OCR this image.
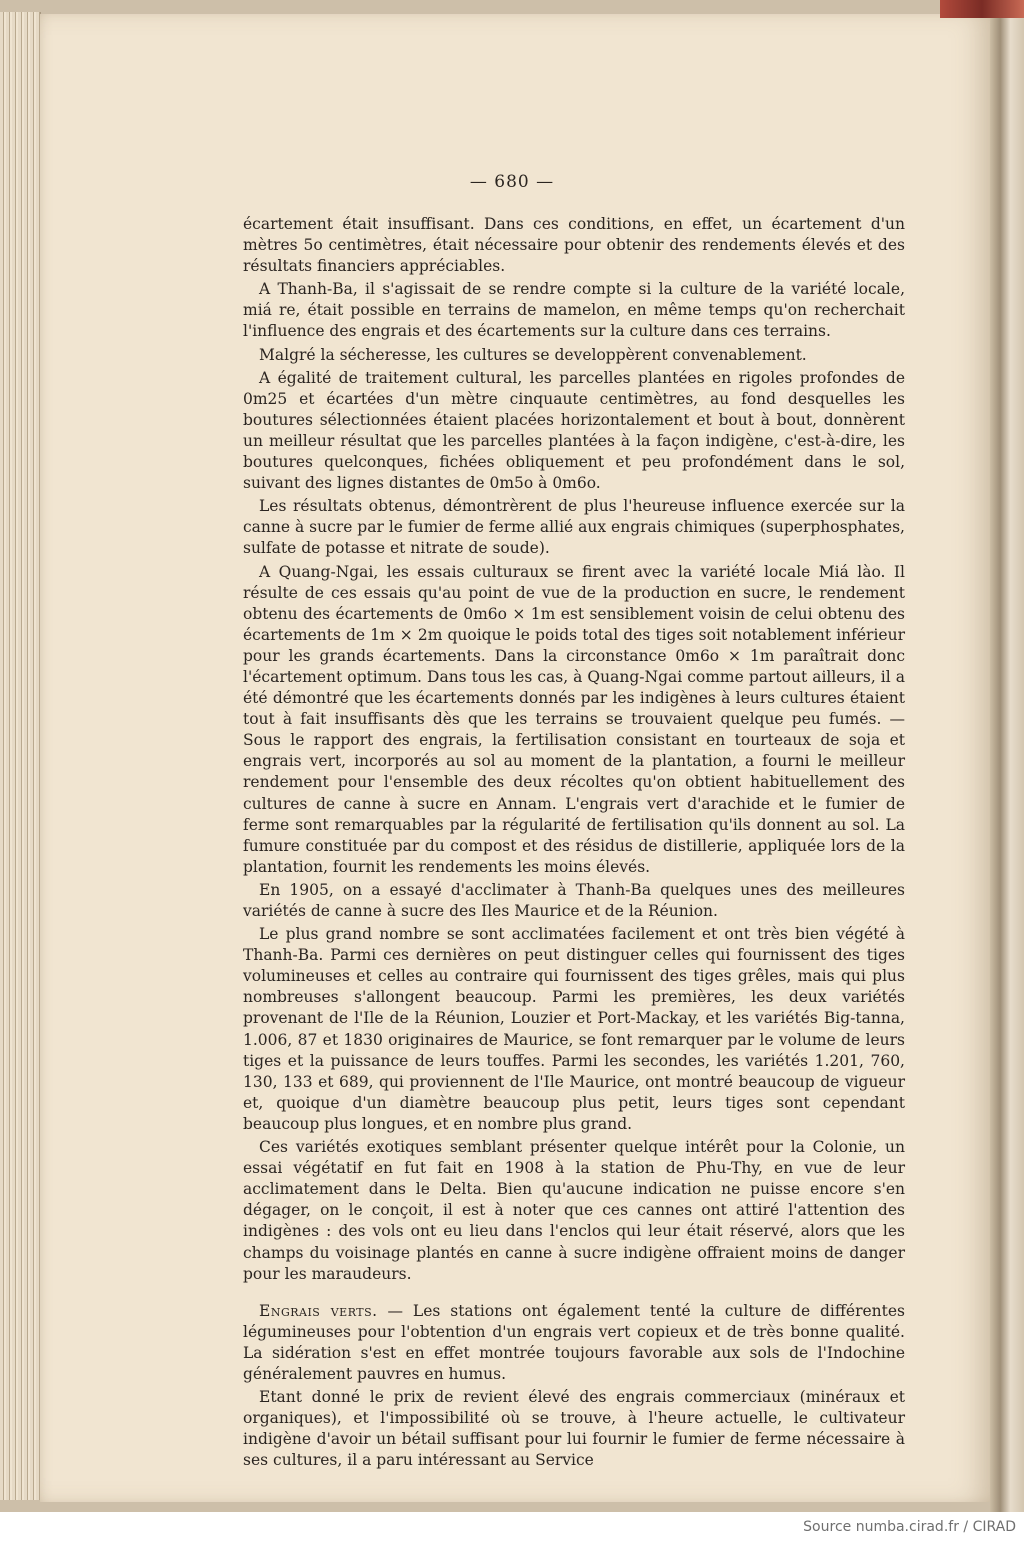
— 680 —

écartement était insuffisant. Dans ces conditions, en effet, un écartement d'un mètres 5o centimètres, était nécessaire pour obtenir des rendements élevés et des résultats financiers appréciables.

A Thanh-Ba, il s'agissait de se rendre compte si la culture de la variété locale, miá re, était possible en terrains de mamelon, en même temps qu'on recherchait l'influence des engrais et des écartements sur la culture dans ces terrains.

Malgré la sécheresse, les cultures se developpèrent convenablement.

A égalité de traitement cultural, les parcelles plantées en rigoles profondes de 0m25 et écartées d'un mètre cinquaute centimètres, au fond desquelles les boutures sélectionnées étaient placées horizontalement et bout à bout, donnèrent un meilleur résultat que les parcelles plantées à la façon indigène, c'est-à-dire, les boutures quelconques, fichées obliquement et peu profondément dans le sol, suivant des lignes distantes de 0m5o à 0m6o.

Les résultats obtenus, démontrèrent de plus l'heureuse influence exercée sur la canne à sucre par le fumier de ferme allié aux engrais chimiques (superphosphates, sulfate de potasse et nitrate de soude).

A Quang-Ngai, les essais culturaux se firent avec la variété locale Miá lào. Il résulte de ces essais qu'au point de vue de la production en sucre, le rendement obtenu des écartements de 0m6o × 1m est sensiblement voisin de celui obtenu des écartements de 1m × 2m quoique le poids total des tiges soit notablement inférieur pour les grands écartements. Dans la circonstance 0m6o × 1m paraîtrait donc l'écartement optimum. Dans tous les cas, à Quang-Ngai comme partout ailleurs, il a été démontré que les écartements donnés par les indigènes à leurs cultures étaient tout à fait insuffisants dès que les terrains se trouvaient quelque peu fumés. — Sous le rapport des engrais, la fertilisation consistant en tourteaux de soja et engrais vert, incorporés au sol au moment de la plantation, a fourni le meilleur rendement pour l'ensemble des deux récoltes qu'on obtient habituellement des cultures de canne à sucre en Annam. L'engrais vert d'arachide et le fumier de ferme sont remarquables par la régularité de fertilisation qu'ils donnent au sol. La fumure constituée par du compost et des résidus de distillerie, appliquée lors de la plantation, fournit les rendements les moins élevés.

En 1905, on a essayé d'acclimater à Thanh-Ba quelques unes des meilleures variétés de canne à sucre des Iles Maurice et de la Réunion.

Le plus grand nombre se sont acclimatées facilement et ont très bien végété à Thanh-Ba. Parmi ces dernières on peut distinguer celles qui fournissent des tiges volumineuses et celles au contraire qui fournissent des tiges grêles, mais qui plus nombreuses s'allongent beaucoup. Parmi les premières, les deux variétés provenant de l'Ile de la Réunion, Louzier et Port-Mackay, et les variétés Big-tanna, 1.006, 87 et 1830 originaires de Maurice, se font remarquer par le volume de leurs tiges et la puissance de leurs touffes. Parmi les secondes, les variétés 1.201, 760, 130, 133 et 689, qui proviennent de l'Ile Maurice, ont montré beaucoup de vigueur et, quoique d'un diamètre beaucoup plus petit, leurs tiges sont cependant beaucoup plus longues, et en nombre plus grand.

Ces variétés exotiques semblant présenter quelque intérêt pour la Colonie, un essai végétatif en fut fait en 1908 à la station de Phu-Thy, en vue de leur acclimatement dans le Delta. Bien qu'aucune indication ne puisse encore s'en dégager, on le conçoit, il est à noter que ces cannes ont attiré l'attention des indigènes : des vols ont eu lieu dans l'enclos qui leur était réservé, alors que les champs du voisinage plantés en canne à sucre indigène offraient moins de danger pour les maraudeurs.

Engrais verts. — Les stations ont également tenté la culture de différentes légumineuses pour l'obtention d'un engrais vert copieux et de très bonne qualité. La sidération s'est en effet montrée toujours favorable aux sols de l'Indochine généralement pauvres en humus.

Etant donné le prix de revient élevé des engrais commerciaux (minéraux et organiques), et l'impossibilité où se trouve, à l'heure actuelle, le cultivateur indigène d'avoir un bétail suffisant pour lui fournir le fumier de ferme nécessaire à ses cultures, il a paru intéressant au Service

Source numba.cirad.fr / CIRAD
